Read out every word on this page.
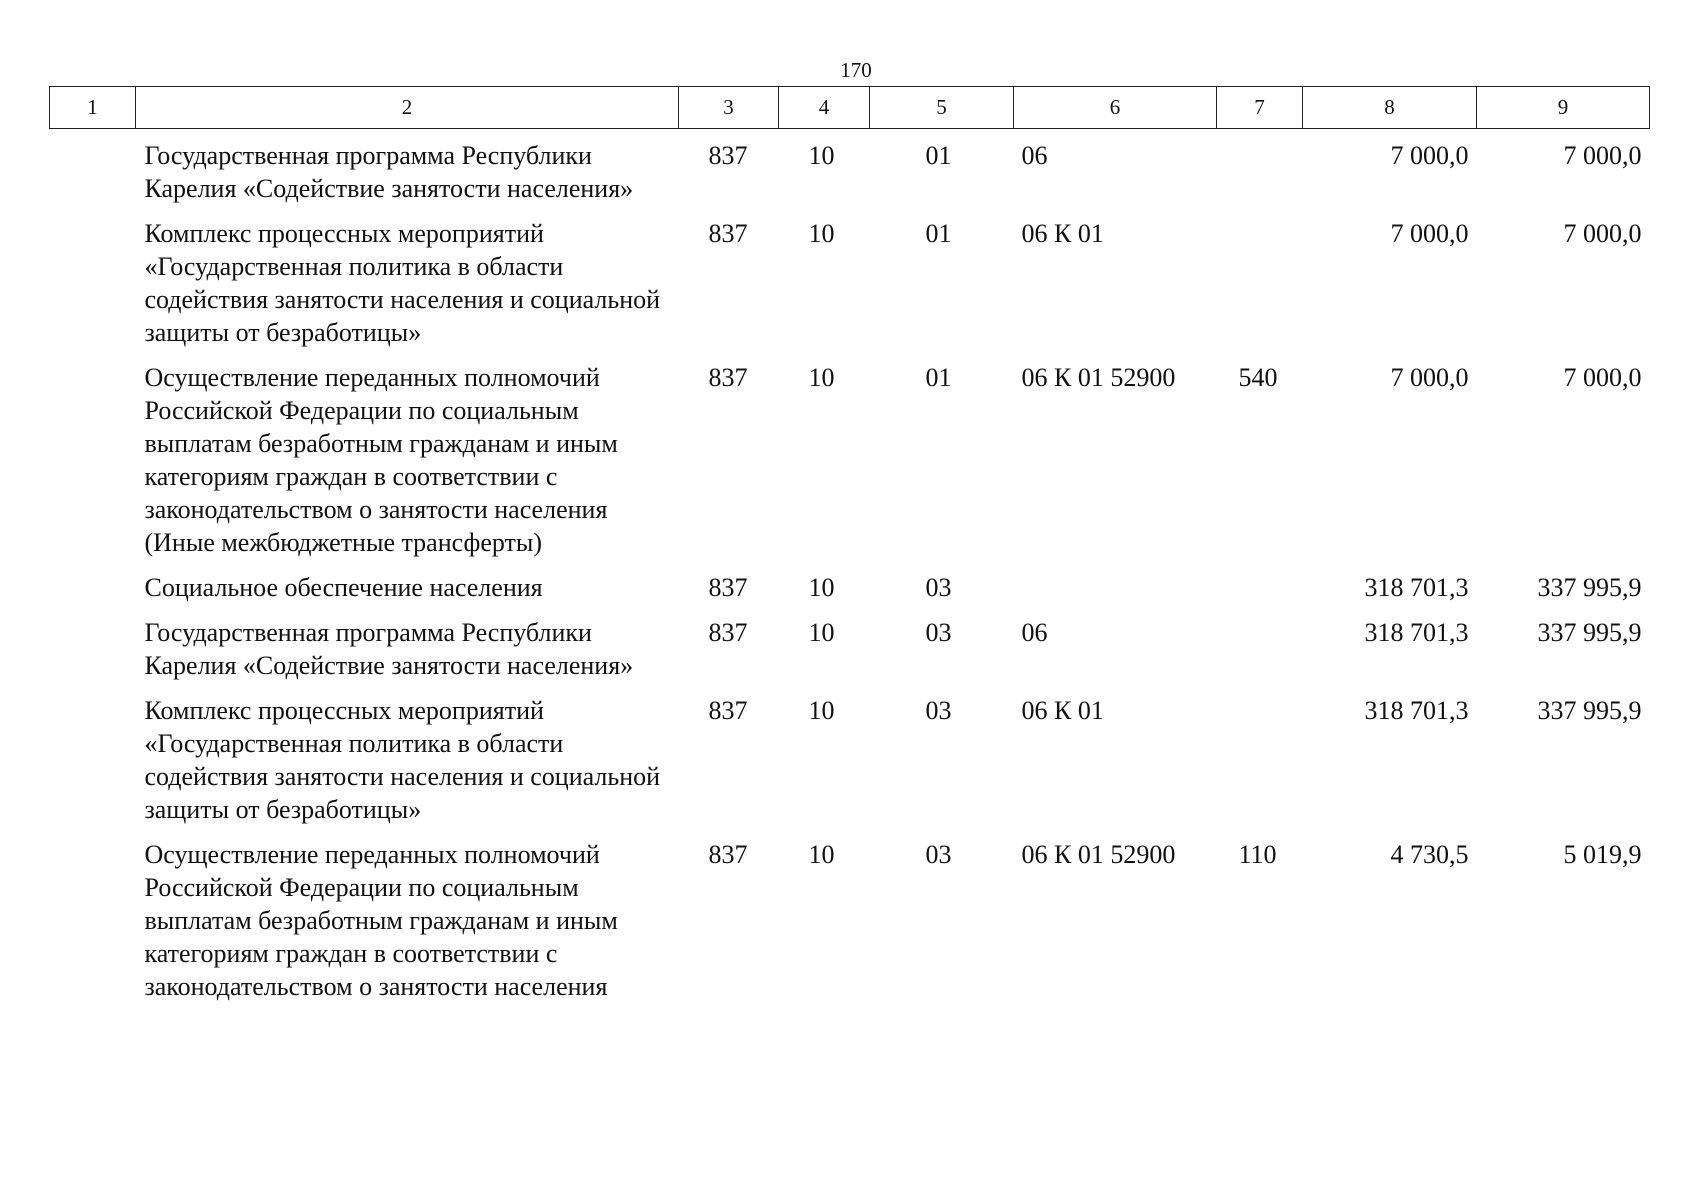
170
1	2	3	4	5	6	7	8	9
	Государственная программа Республики Карелия «Содействие занятости населения»	837	10	01	06		7 000,0	7 000,0
	Комплекс процессных мероприятий «Государственная политика в области содействия занятости населения и социальной защиты от безработицы»	837	10	01	06 К 01		7 000,0	7 000,0
	Осуществление переданных полномочий Российской Федерации по социальным выплатам безработным гражданам и иным категориям граждан в соответствии с законодательством о занятости населения (Иные межбюджетные трансферты)	837	10	01	06 К 01 52900	540	7 000,0	7 000,0
	Социальное обеспечение населения	837	10	03			318 701,3	337 995,9
	Государственная программа Республики Карелия «Содействие занятости населения»	837	10	03	06		318 701,3	337 995,9
	Комплекс процессных мероприятий «Государственная политика в области содействия занятости населения и социальной защиты от безработицы»	837	10	03	06 К 01		318 701,3	337 995,9
	Осуществление переданных полномочий Российской Федерации по социальным выплатам безработным гражданам и иным категориям граждан в соответствии с законодательством о занятости населения	837	10	03	06 К 01 52900	110	4 730,5	5 019,9
